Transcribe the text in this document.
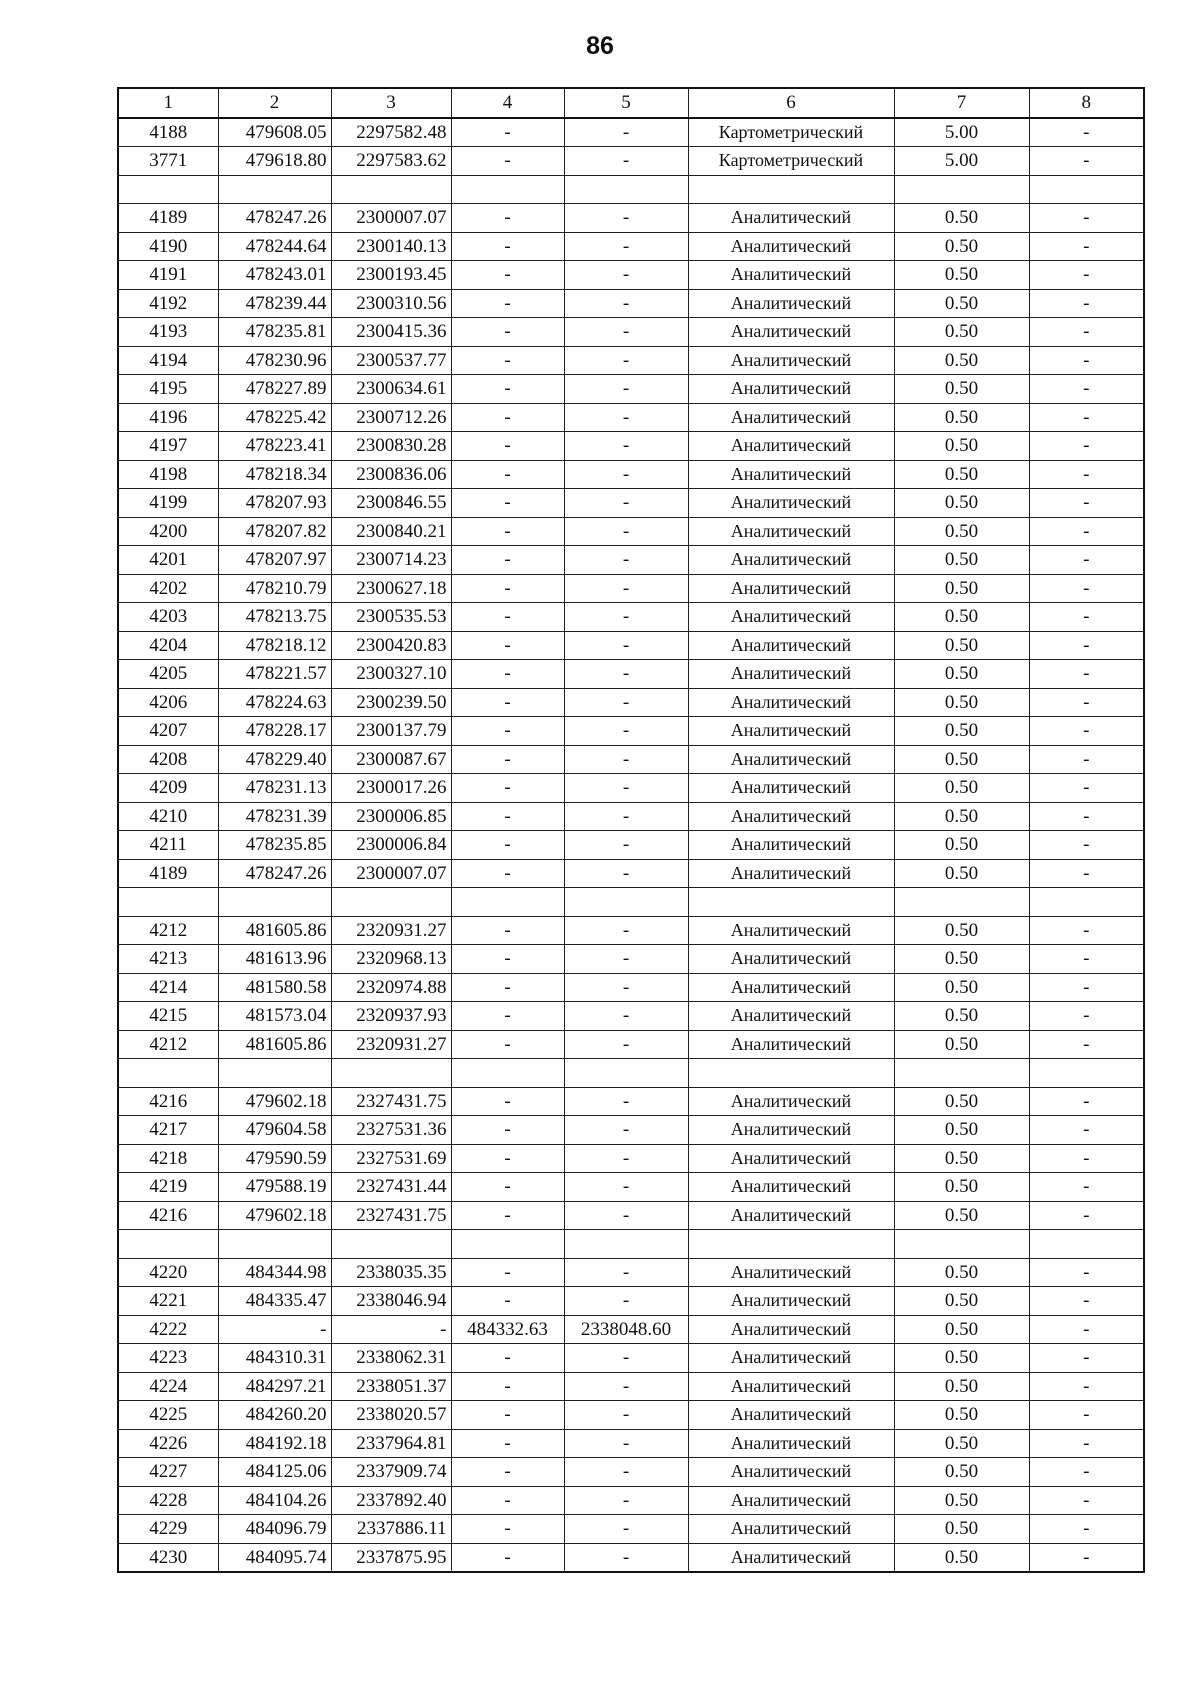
86
1	2	3	4	5	6	7	8
4188	479608.05	2297582.48	-	-	Картометрический	5.00	-
3771	479618.80	2297583.62	-	-	Картометрический	5.00	-

4189	478247.26	2300007.07	-	-	Аналитический	0.50	-
4190	478244.64	2300140.13	-	-	Аналитический	0.50	-
4191	478243.01	2300193.45	-	-	Аналитический	0.50	-
4192	478239.44	2300310.56	-	-	Аналитический	0.50	-
4193	478235.81	2300415.36	-	-	Аналитический	0.50	-
4194	478230.96	2300537.77	-	-	Аналитический	0.50	-
4195	478227.89	2300634.61	-	-	Аналитический	0.50	-
4196	478225.42	2300712.26	-	-	Аналитический	0.50	-
4197	478223.41	2300830.28	-	-	Аналитический	0.50	-
4198	478218.34	2300836.06	-	-	Аналитический	0.50	-
4199	478207.93	2300846.55	-	-	Аналитический	0.50	-
4200	478207.82	2300840.21	-	-	Аналитический	0.50	-
4201	478207.97	2300714.23	-	-	Аналитический	0.50	-
4202	478210.79	2300627.18	-	-	Аналитический	0.50	-
4203	478213.75	2300535.53	-	-	Аналитический	0.50	-
4204	478218.12	2300420.83	-	-	Аналитический	0.50	-
4205	478221.57	2300327.10	-	-	Аналитический	0.50	-
4206	478224.63	2300239.50	-	-	Аналитический	0.50	-
4207	478228.17	2300137.79	-	-	Аналитический	0.50	-
4208	478229.40	2300087.67	-	-	Аналитический	0.50	-
4209	478231.13	2300017.26	-	-	Аналитический	0.50	-
4210	478231.39	2300006.85	-	-	Аналитический	0.50	-
4211	478235.85	2300006.84	-	-	Аналитический	0.50	-
4189	478247.26	2300007.07	-	-	Аналитический	0.50	-

4212	481605.86	2320931.27	-	-	Аналитический	0.50	-
4213	481613.96	2320968.13	-	-	Аналитический	0.50	-
4214	481580.58	2320974.88	-	-	Аналитический	0.50	-
4215	481573.04	2320937.93	-	-	Аналитический	0.50	-
4212	481605.86	2320931.27	-	-	Аналитический	0.50	-

4216	479602.18	2327431.75	-	-	Аналитический	0.50	-
4217	479604.58	2327531.36	-	-	Аналитический	0.50	-
4218	479590.59	2327531.69	-	-	Аналитический	0.50	-
4219	479588.19	2327431.44	-	-	Аналитический	0.50	-
4216	479602.18	2327431.75	-	-	Аналитический	0.50	-

4220	484344.98	2338035.35	-	-	Аналитический	0.50	-
4221	484335.47	2338046.94	-	-	Аналитический	0.50	-
4222	-	-	484332.63	2338048.60	Аналитический	0.50	-
4223	484310.31	2338062.31	-	-	Аналитический	0.50	-
4224	484297.21	2338051.37	-	-	Аналитический	0.50	-
4225	484260.20	2338020.57	-	-	Аналитический	0.50	-
4226	484192.18	2337964.81	-	-	Аналитический	0.50	-
4227	484125.06	2337909.74	-	-	Аналитический	0.50	-
4228	484104.26	2337892.40	-	-	Аналитический	0.50	-
4229	484096.79	2337886.11	-	-	Аналитический	0.50	-
4230	484095.74	2337875.95	-	-	Аналитический	0.50	-
